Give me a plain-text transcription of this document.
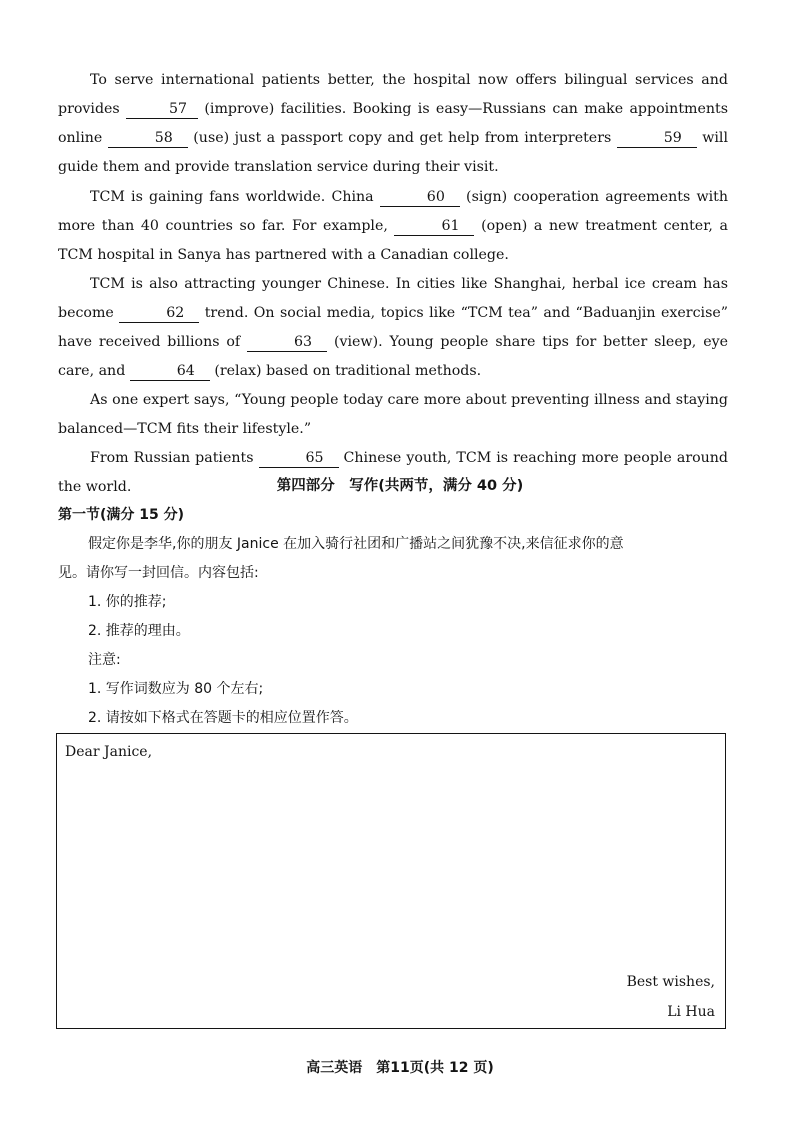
To serve international patients better, the hospital now offers bilingual services and provides	57 (improve) facilities. Booking is easy—Russians can make appointments online	58 (use) just a passport copy and get help from interpreters	59 will guide them and provide translation service during their visit.

TCM is gaining fans worldwide. China	60 (sign) cooperation agreements with more than 40 countries so far. For example,	61 (open) a new treatment center, a TCM hospital in Sanya has partnered with a Canadian college.

TCM is also attracting younger Chinese. In cities like Shanghai, herbal ice cream has become	62 trend. On social media, topics like “TCM tea” and “Baduanjin exercise” have received billions of	63 (view). Young people share tips for better sleep, eye care, and	64 (relax) based on traditional methods.

As one expert says, “Young people today care more about preventing illness and staying balanced—TCM fits their lifestyle.”

From Russian patients	65 Chinese youth, TCM is reaching more people around the world.	第四部分　写作(共两节，满分 40 分)

第一节(满分 15 分)

假定你是李华,你的朋友 Janice 在加入骑行社团和广播站之间犹豫不决,来信征求你的意

见。请你写一封回信。内容包括:

1. 你的推荐;

2. 推荐的理由。

注意:

1. 写作词数应为 80 个左右;

2. 请按如下格式在答题卡的相应位置作答。

Dear Janice,
Best wishes,
Li Hua
高三英语　第11页(共 12 页)
